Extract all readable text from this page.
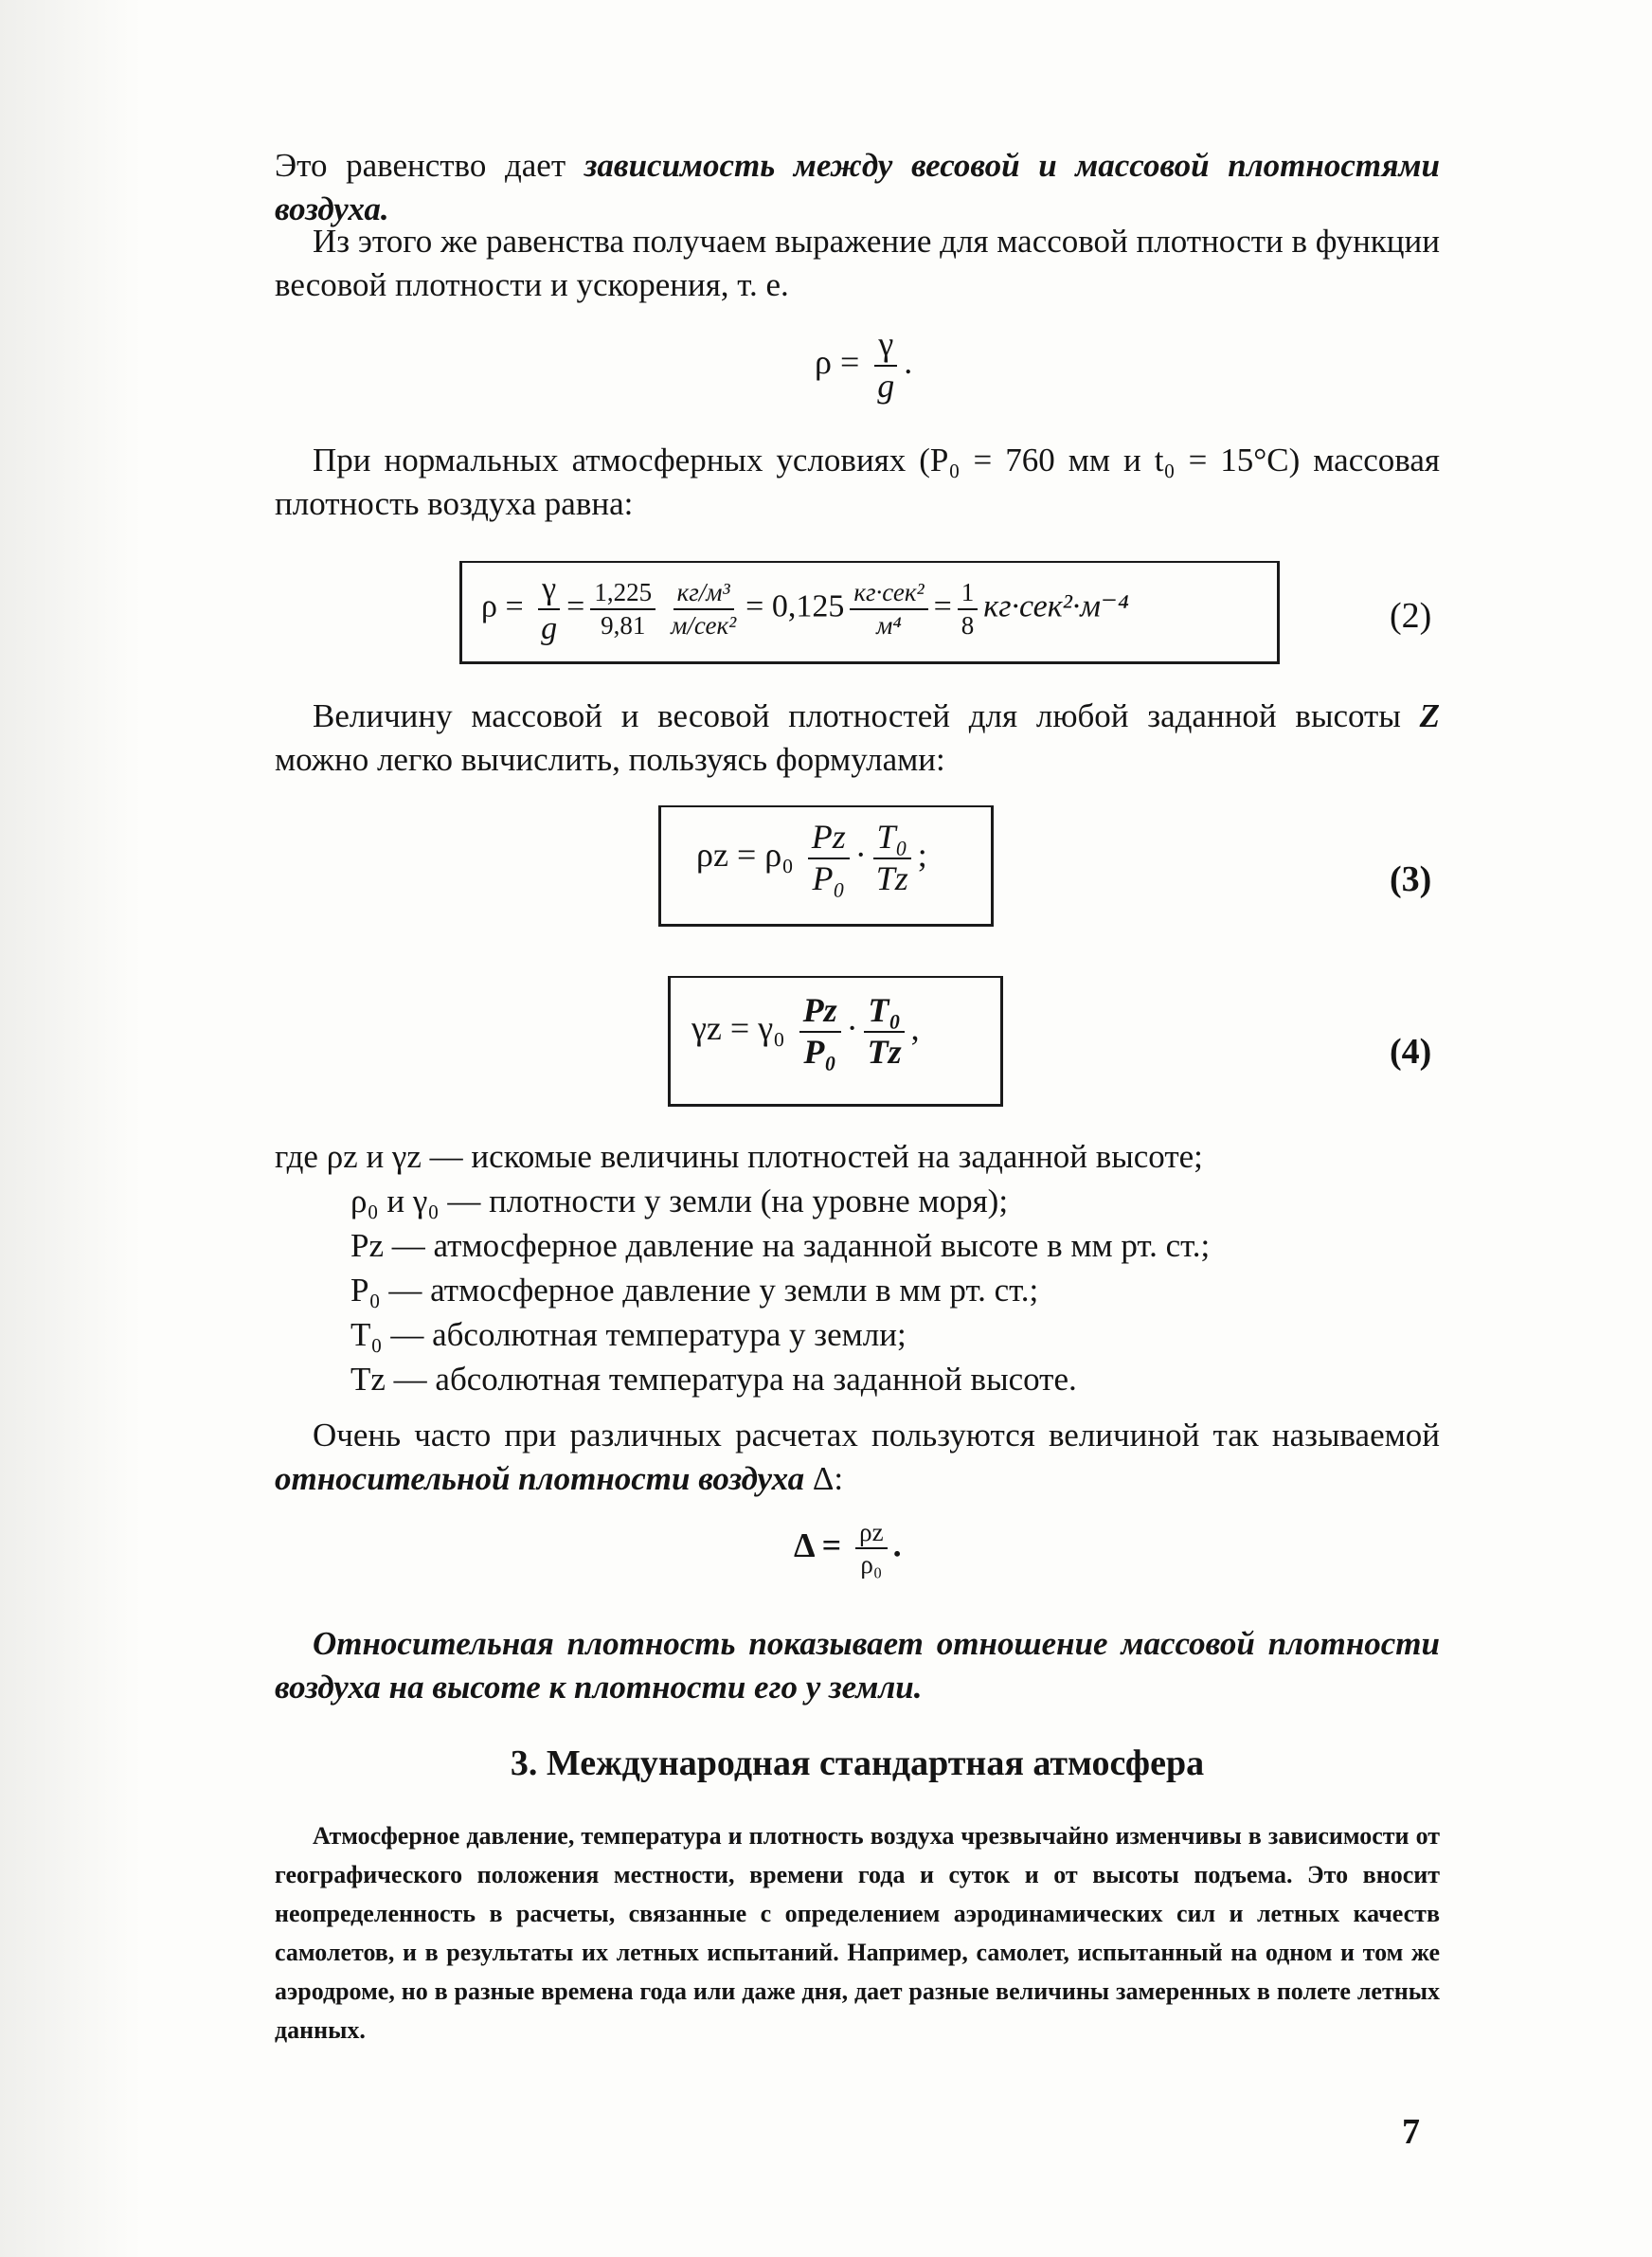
Это равенство дает зависимость между весовой и массовой плотностями воздуха.

Из этого же равенства получаем выражение для массовой плотности в функции весовой плотности и ускорения, т. е.

$\rho = \frac{\gamma}{g}$ .

При нормальных атмосферных условиях (P₀ = 760 мм и t₀ = 15°C) массовая плотность воздуха равна:

$\rho = \frac{\gamma}{g} = \frac{1,225}{9,81} \frac{\text{кг/м³}}{\text{м/сек²}} = 0,125 \frac{\text{кг·сек²}}{\text{м⁴}} = \frac{1}{8} кг\cdot сек^2\cdot м^{-4}$	(2)

Величину массовой и весовой плотностей для любой заданной высоты Z можно легко вычислить, пользуясь формулами:

$\rho z = \rho_0 \frac{Pz}{\text{P₀}} \cdot \frac{\text{T₀}}{Tz}$ ;
(3)
$\gamma z = \gamma_0 \frac{Pz}{\text{P₀}} \cdot \frac{\text{T₀}}{Tz}$ ,
(4)
где ρz и γz — искомые величины плотностей на заданной высоте;
ρ₀ и γ₀ — плотности у земли (на уровне моря);
Pz — атмосферное давление на заданной высоте в мм рт. ст.;
P₀ — атмосферное давление у земли в мм рт. ст.;
T₀ — абсолютная температура у земли;
Tz — абсолютная температура на заданной высоте.

Очень часто при различных расчетах пользуются величиной так называемой относительной плотности воздуха Δ:

$\Delta = \frac{\rho z}{\text{ρ₀}}$ .

Относительная плотность показывает отношение массовой плотности воздуха на высоте к плотности его у земли.

3. Международная стандартная атмосфера

Атмосферное давление, температура и плотность воздуха чрезвычайно изменчивы в зависимости от географического положения местности, времени года и суток и от высоты подъема. Это вносит неопределенность в расчеты, связанные с определением аэродинамических сил и летных качеств самолетов, и в результаты их летных испытаний. Например, самолет, испытанный на одном и том же аэродроме, но в разные времена года или даже дня, дает разные величины замеренных в полете летных данных.

7
